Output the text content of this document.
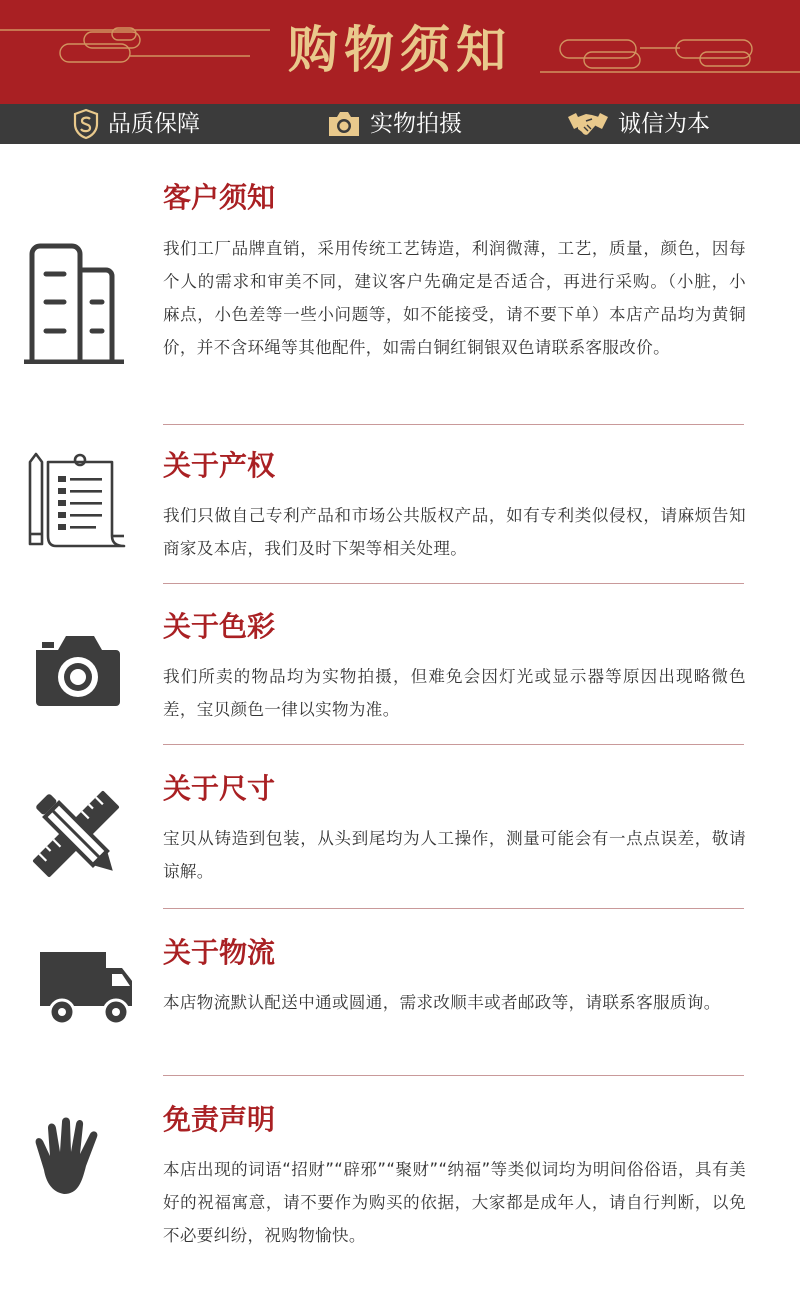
购物须知
品质保障	实物拍摄	诚信为本
客户须知
我们工厂品牌直销，采用传统工艺铸造，利润微薄，工艺，质量，颜色，因每个人的需求和审美不同，建议客户先确定是否适合，再进行采购。（小脏，小麻点，小色差等一些小问题等，如不能接受，请不要下单）本店产品均为黄铜价，并不含环绳等其他配件，如需白铜红铜银双色请联系客服改价。
关于产权
我们只做自己专利产品和市场公共版权产品，如有专利类似侵权，请麻烦告知商家及本店，我们及时下架等相关处理。
关于色彩
我们所卖的物品均为实物拍摄，但难免会因灯光或显示器等原因出现略微色差，宝贝颜色一律以实物为准。
关于尺寸
宝贝从铸造到包装，从头到尾均为人工操作，测量可能会有一点点误差，敬请谅解。
关于物流
本店物流默认配送中通或圆通，需求改顺丰或者邮政等，请联系客服质询。
免责声明
本店出现的词语“招财”“辟邪”“聚财”“纳福”等类似词均为明间俗俗语，具有美好的祝福寓意，请不要作为购买的依据，大家都是成年人，请自行判断，以免不必要纠纷，祝购物愉快。
